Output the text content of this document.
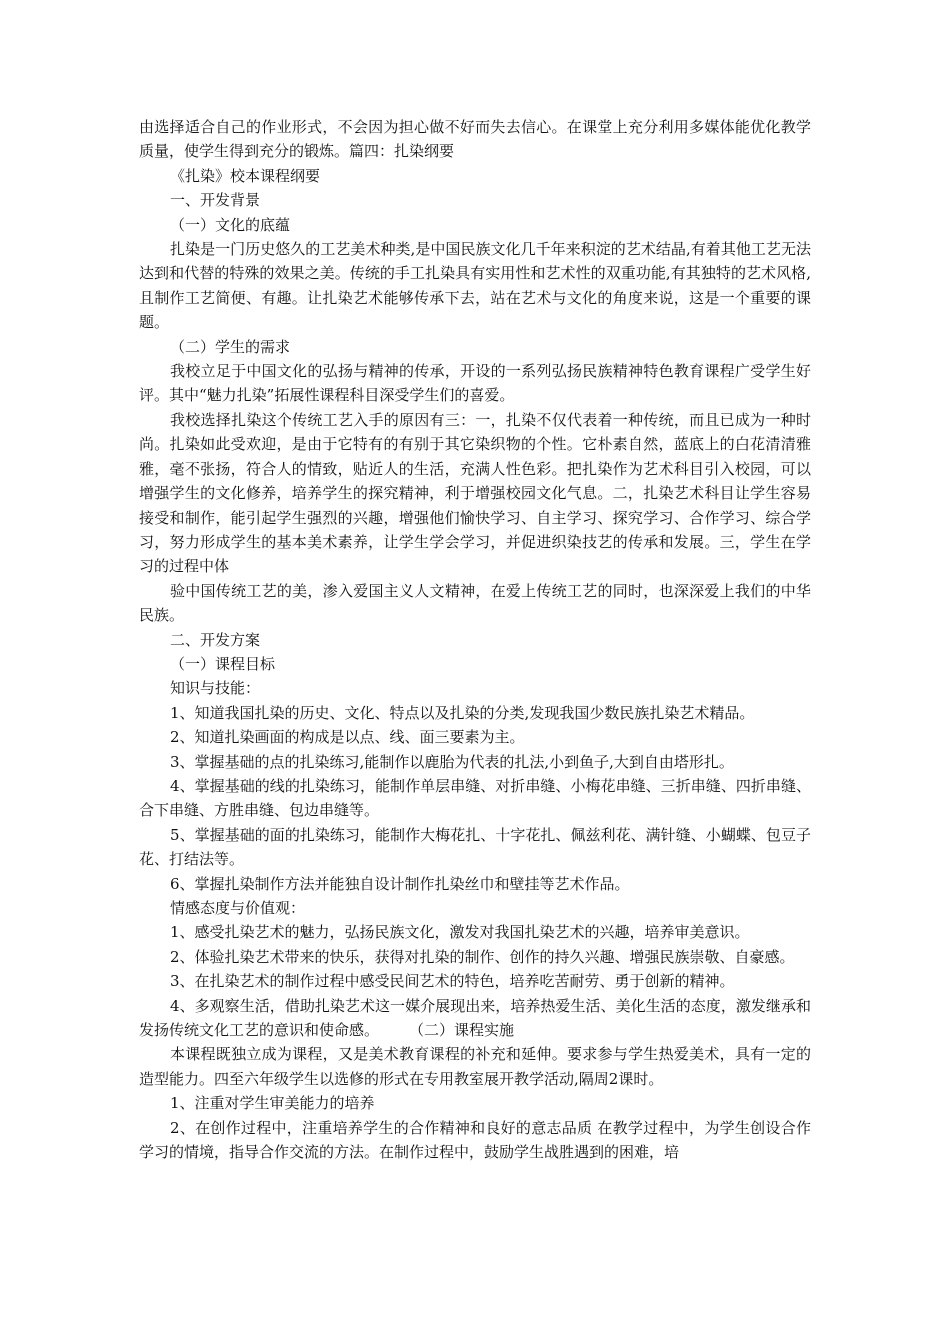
由选择适合自己的作业形式，不会因为担心做不好而失去信心。在课堂上充分利用多媒体能优化教学质量，使学生得到充分的锻炼。篇四：扎染纲要

《扎染》校本课程纲要

一、开发背景

（一）文化的底蕴

扎染是一门历史悠久的工艺美术种类,是中国民族文化几千年来积淀的艺术结晶,有着其他工艺无法达到和代替的特殊的效果之美。传统的手工扎染具有实用性和艺术性的双重功能,有其独特的艺术风格,且制作工艺简便、有趣。让扎染艺术能够传承下去，站在艺术与文化的角度来说，这是一个重要的课题。

（二）学生的需求

我校立足于中国文化的弘扬与精神的传承，开设的一系列弘扬民族精神特色教育课程广受学生好评。其中“魅力扎染”拓展性课程科目深受学生们的喜爱。

我校选择扎染这个传统工艺入手的原因有三：一，扎染不仅代表着一种传统，而且已成为一种时尚。扎染如此受欢迎，是由于它特有的有别于其它染织物的个性。它朴素自然，蓝底上的白花清清雅雅，毫不张扬，符合人的情致，贴近人的生活，充满人性色彩。把扎染作为艺术科目引入校园，可以增强学生的文化修养，培养学生的探究精神，利于增强校园文化气息。二，扎染艺术科目让学生容易接受和制作，能引起学生强烈的兴趣，增强他们愉快学习、自主学习、探究学习、合作学习、综合学习，努力形成学生的基本美术素养，让学生学会学习，并促进织染技艺的传承和发展。三，学生在学习的过程中体

验中国传统工艺的美，渗入爱国主义人文精神，在爱上传统工艺的同时，也深深爱上我们的中华民族。

二、开发方案

（一）课程目标

知识与技能：

1、知道我国扎染的历史、文化、特点以及扎染的分类,发现我国少数民族扎染艺术精品。

2、知道扎染画面的构成是以点、线、面三要素为主。

3、掌握基础的点的扎染练习,能制作以鹿胎为代表的扎法,小到鱼子,大到自由塔形扎。

4、掌握基础的线的扎染练习，能制作单层串缝、对折串缝、小梅花串缝、三折串缝、四折串缝、合下串缝、方胜串缝、包边串缝等。

5、掌握基础的面的扎染练习，能制作大梅花扎、十字花扎、佩兹利花、满针缝、小蝴蝶、包豆子花、打结法等。

6、掌握扎染制作方法并能独自设计制作扎染丝巾和壁挂等艺术作品。

情感态度与价值观：

1、感受扎染艺术的魅力，弘扬民族文化，激发对我国扎染艺术的兴趣，培养审美意识。

2、体验扎染艺术带来的快乐，获得对扎染的制作、创作的持久兴趣、增强民族崇敬、自豪感。

3、在扎染艺术的制作过程中感受民间艺术的特色，培养吃苦耐劳、勇于创新的精神。

4、多观察生活，借助扎染艺术这一媒介展现出来，培养热爱生活、美化生活的态度，激发继承和发扬传统文化工艺的意识和使命感。　　　（二）课程实施

本课程既独立成为课程，又是美术教育课程的补充和延伸。要求参与学生热爱美术，具有一定的造型能力。四至六年级学生以选修的形式在专用教室展开教学活动,隔周2课时。

1、注重对学生审美能力的培养

2、在创作过程中，注重培养学生的合作精神和良好的意志品质 在教学过程中，为学生创设合作学习的情境，指导合作交流的方法。在制作过程中，鼓励学生战胜遇到的困难，培
